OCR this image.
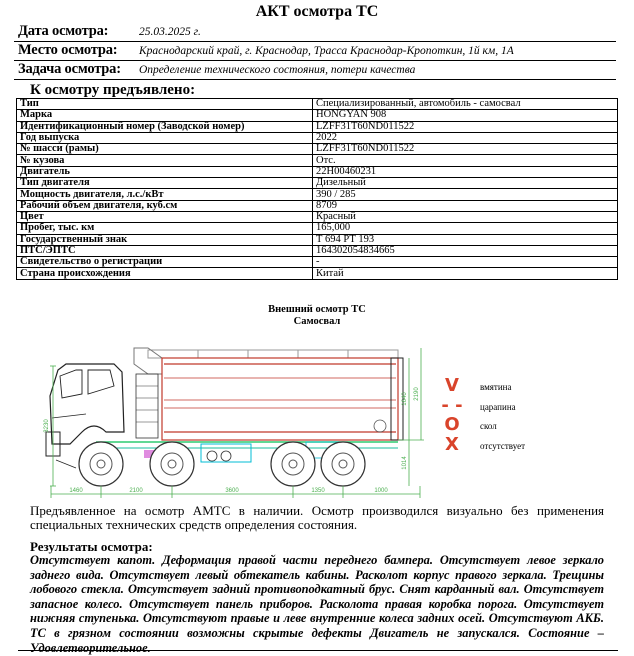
АКТ осмотра ТС
Дата осмотра:	25.03.2025 г.
Место осмотра: Краснодарский край, г. Краснодар, Трасса Краснодар-Кропоткин, 1й км, 1А
Задача осмотра: Определение технического состояния, потери качества
К осмотру предъявлено:
Тип	Специализированный, автомобиль - самосвал
Марка	HONGYAN 908
Идентификационный номер (Заводской номер)	LZFF31T60ND011522
Год выпуска	2022
№ шасси (рамы)	LZFF31T60ND011522
№ кузова	Отс.
Двигатель	22H00460231
Тип двигателя	Дизельный
Мощность двигателя, л.с./кВт	390 / 285
Рабочий объем двигателя, куб.см	8709
Цвет	Красный
Пробег, тыс. км	165,000
Государственный знак	Т 694 РТ 193
ПТС/ЭПТС	164302054834665
Свидетельство о регистрации	-
Страна происхождения	Китай
Внешний осмотр ТС
Самосвал
1460	2100	3600	1350	1000
3230
1640 2190
1014
V	вмятина
- - царапина
O	скол
X	отсутствует
Предъявленное на осмотр АМТС в наличии. Осмотр производился визуально без применения специальных технических средств определения состояния.
Результаты осмотра:
Отсутствует капот. Деформация правой части переднего бампера. Отсутствует левое зеркало заднего вида. Отсутствует левый обтекатель кабины. Расколот корпус правого зеркала. Трещины лобового стекла. Отсутствует задний противоподкатный брус. Снят карданный вал. Отсутствует запасное колесо. Отсутствует панель приборов. Расколота правая коробка порога. Отсутствует нижняя ступенька. Отсутствуют правые и леве внутренние колеса задних осей. Отсутствуют АКБ. ТС в грязном состоянии возможны скрытые дефекты Двигатель не запускался. Состояние – Удовлетворительное.
